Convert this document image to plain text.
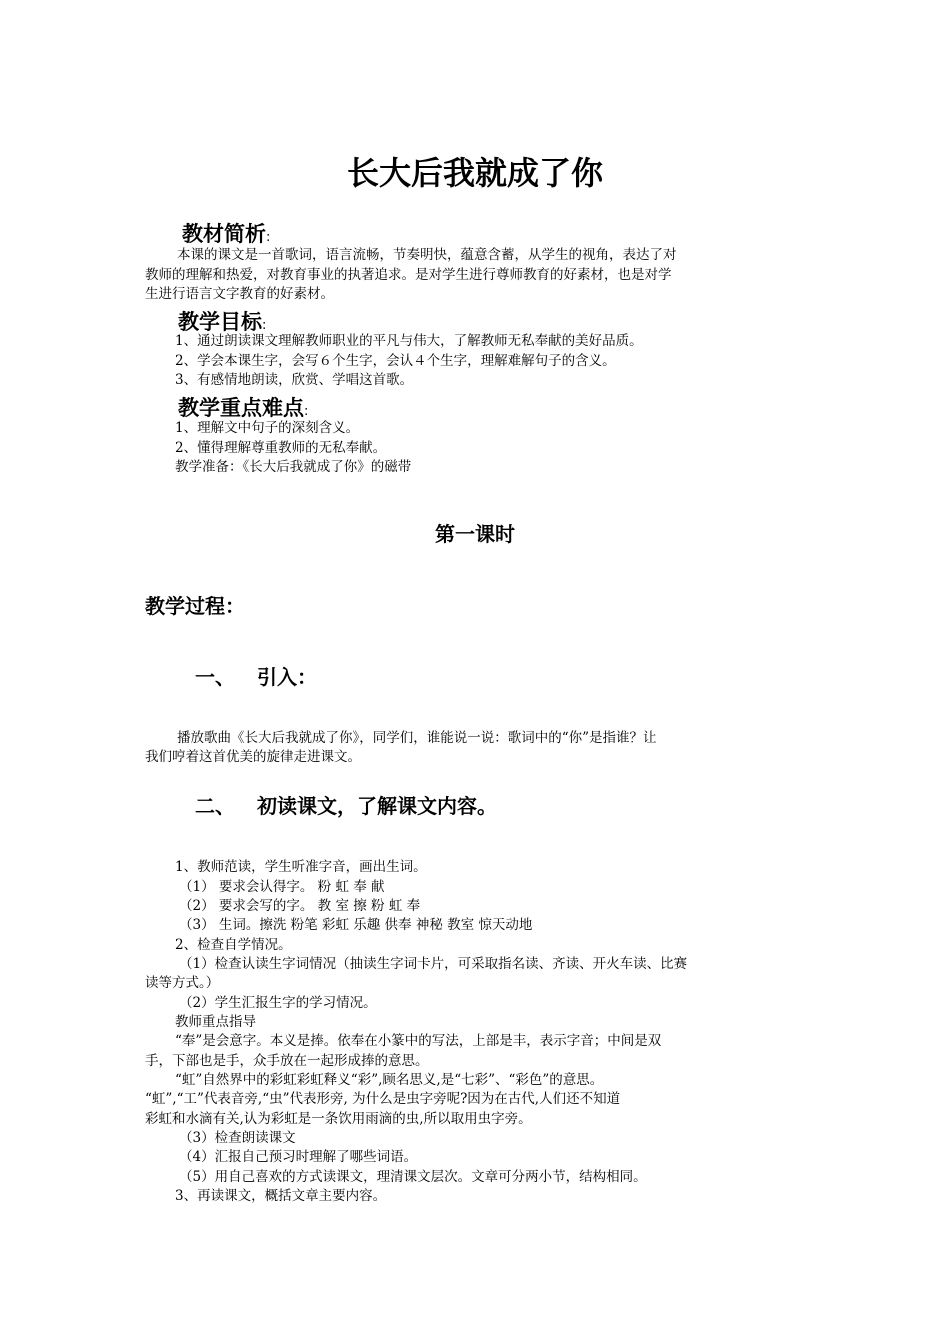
长大后我就成了你
教材简析:
本课的课文是一首歌词，语言流畅，节奏明快，蕴意含蓄，从学生的视角，表达了对
教师的理解和热爱，对教育事业的执著追求。是对学生进行尊师教育的好素材，也是对学
生进行语言文字教育的好素材。
教学目标:
1、通过朗读课文理解教师职业的平凡与伟大，了解教师无私奉献的美好品质。
2、学会本课生字，会写６个生字，会认４个生字，理解难解句子的含义。
3、有感情地朗读，欣赏、学唱这首歌。
教学重点难点:
1、理解文中句子的深刻含义。
2、懂得理解尊重教师的无私奉献。
教学准备：《长大后我就成了你》的磁带
第一课时
教学过程：
一、 引入：
播放歌曲《长大后我就成了你》，同学们，谁能说一说：歌词中的“你”是指谁？让
我们哼着这首优美的旋律走进课文。
二、 初读课文，了解课文内容。
1、教师范读，学生听准字音，画出生词。
（1） 要求会认得字。 粉 虹 奉 献
（2） 要求会写的字。 教 室 擦 粉 虹 奉
（3） 生词。擦洗 粉笔 彩虹 乐趣 供奉 神秘 教室 惊天动地
2、检查自学情况。
（1）检查认读生字词情况（抽读生字词卡片，可采取指名读、齐读、开火车读、比赛
读等方式。）
（2）学生汇报生字的学习情况。
教师重点指导
“奉”是会意字。本义是捧。依奉在小篆中的写法，上部是丰，表示字音；中间是双
手，下部也是手，众手放在一起形成捧的意思。
“虹”自然界中的彩虹彩虹释义“彩”,顾名思义,是“七彩”、“彩色”的意思。
“虹”,“工”代表音旁,“虫”代表形旁, 为什么是虫字旁呢?因为在古代,人们还不知道
彩虹和水滴有关,认为彩虹是一条饮用雨滴的虫,所以取用虫字旁。
（3）检查朗读课文
（4）汇报自己预习时理解了哪些词语。
（5）用自己喜欢的方式读课文，理清课文层次。文章可分两小节，结构相同。
3、再读课文，概括文章主要内容。
